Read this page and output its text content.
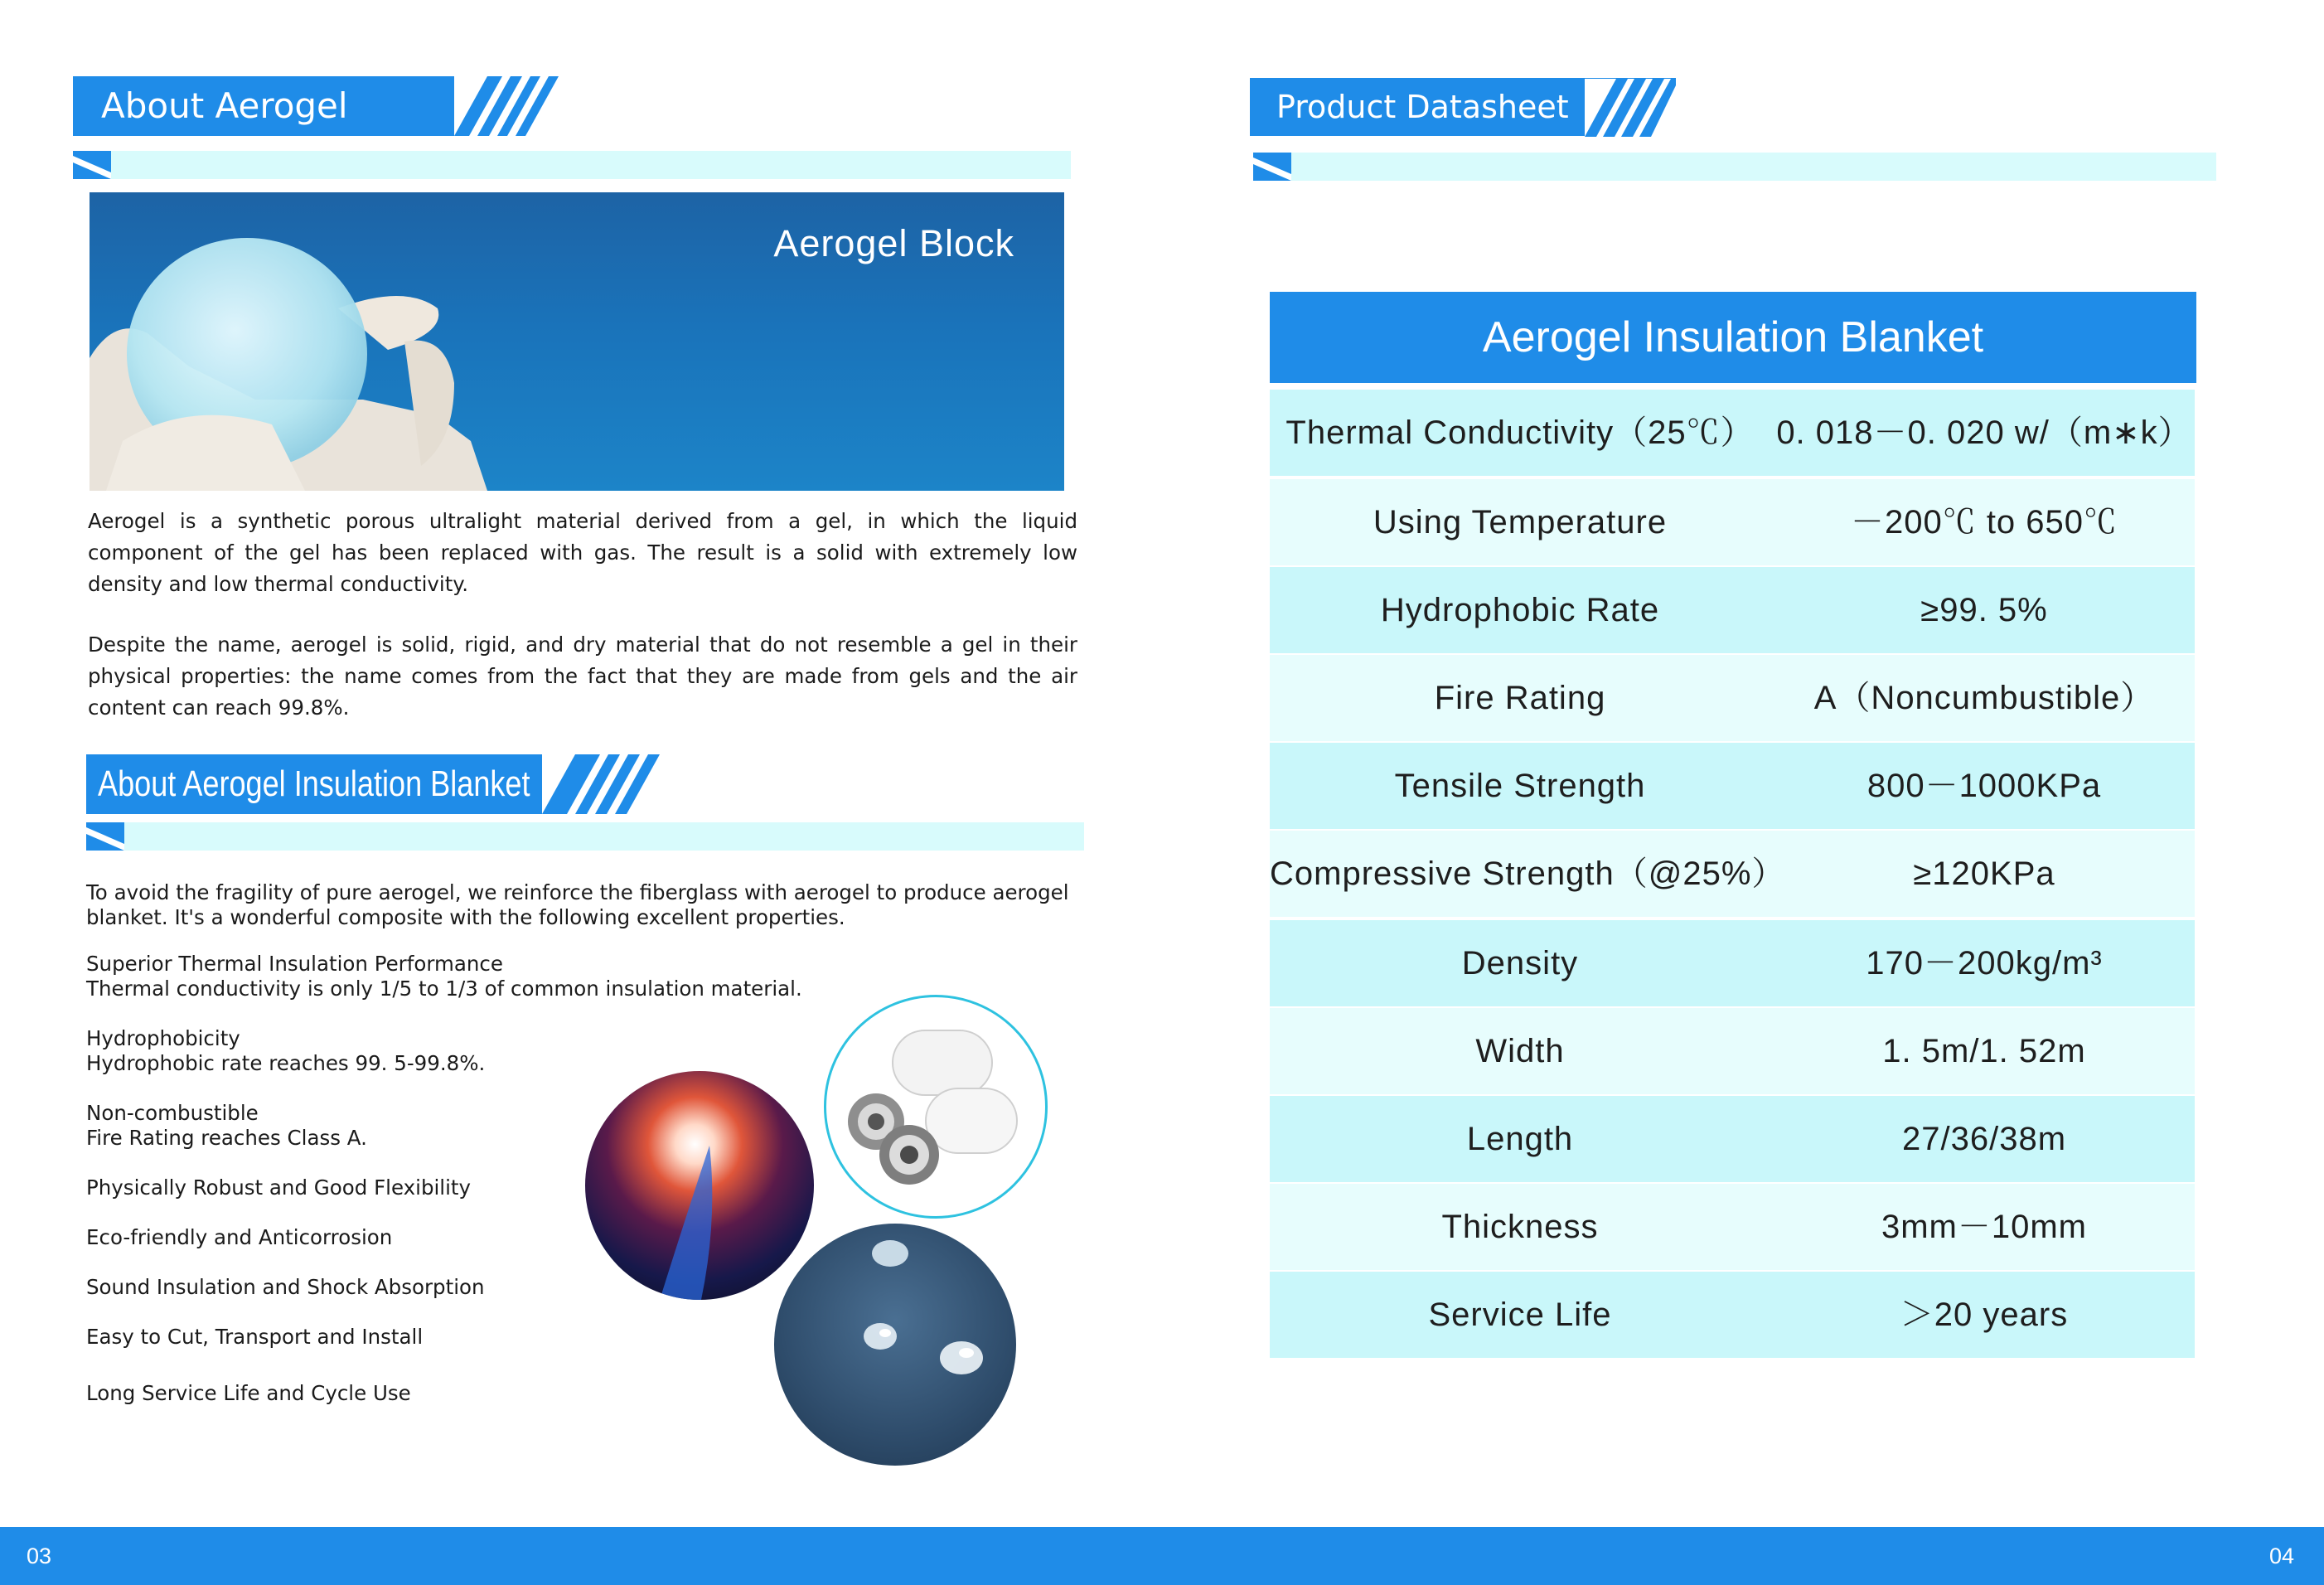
About Aerogel
Aerogel Block
Aerogel is a synthetic porous ultralight material derived from a gel, in which the liquid component of the gel has been replaced with gas. The result is a solid with extremely low density and low thermal conductivity.
Despite the name, aerogel is solid, rigid, and dry material that do not resemble a gel in their physical properties: the name comes from the fact that they are made from gels and the air content can reach 99.8%.
About Aerogel Insulation Blanket
To avoid the fragility of pure aerogel, we reinforce the fiberglass with aerogel to produce aerogel blanket. It's a wonderful composite with the following excellent properties.
Superior Thermal Insulation Performance
Thermal conductivity is only 1/5 to 1/3 of common insulation material.
Hydrophobicity
Hydrophobic rate reaches 99. 5-99.8%.
Non-combustible
Fire Rating reaches Class A.
Physically Robust and Good Flexibility
Eco-friendly and Anticorrosion
Sound Insulation and Shock Absorption
Easy to Cut, Transport and Install
Long Service Life and Cycle Use
Product Datasheet
Aerogel Insulation Blanket
Thermal Conductivity（25℃） 0. 018－0. 020 w/（m∗k）
Using Temperature	－200℃ to 650℃
Hydrophobic Rate	≥99. 5%
Fire Rating	A（Noncumbustible）
Tensile Strength	800－1000KPa
Compressive Strength（@25%）	≥120KPa
Density	170－200kg/m³
Width	1. 5m/1. 52m
Length	27/36/38m
Thickness	3mm－10mm
Service Life	＞20 years
03	04
